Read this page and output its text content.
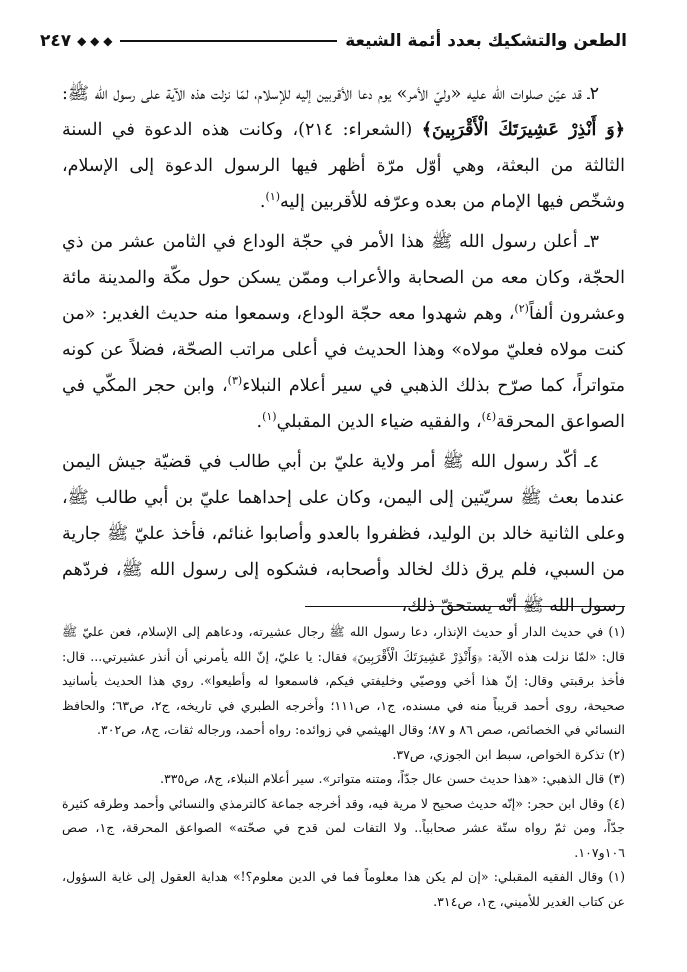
الطعن والتشكيك بعدد أئمة الشيعة
◆ ◆ ◆
٢٤٧

٢ـ قد عيّن صلوات الله عليه «وليّ الأمر» يوم دعا الأقربين إليه للإسلام، لمّا نزلت هذه الآية على رسول الله ﷺ: ﴿وَ أَنْذِرْ عَشِيرَتَكَ الْأَقْرَبِينَ﴾ (الشعراء: ٢١٤)، وكانت هذه الدعوة في السنة الثالثة من البعثة، وهي أوّل مرّة أظهر فيها الرسول الدعوة إلى الإسلام، وشخّص فيها الإمام من بعده وعرّفه للأقربين إليه$^{(١)}$.

٣ـ أعلن رسول الله ﷺ هذا الأمر في حجّة الوداع في الثامن عشر من ذي الحجّة، وكان معه من الصحابة والأعراب وممّن يسكن حول مكّة والمدينة مائة وعشرون ألفاً$^{(٢)}$، وهم شهدوا معه حجّة الوداع، وسمعوا منه حديث الغدير: «من كنت مولاه فعليّ مولاه» وهذا الحديث في أعلى مراتب الصحّة، فضلاً عن كونه متواتراً، كما صرّح بذلك الذهبي في سير أعلام النبلاء$^{(٣)}$، وابن حجر المكّي في الصواعق المحرقة$^{(٤)}$، والفقيه ضياء الدين المقبلي$^{(١)}$.

٤ـ أكّد رسول الله ﷺ أمر ولاية عليّ بن أبي طالب في قضيّة جيش اليمن عندما بعث ﷺ سريّتين إلى اليمن، وكان على إحداهما عليّ بن أبي طالب ﷺ، وعلى الثانية خالد بن الوليد، فظفروا بالعدو وأصابوا غنائم، فأخذ عليّ ﷺ جارية من السبي، فلم يرق ذلك لخالد وأصحابه، فشكوه إلى رسول الله ﷺ، فردّهم رسول الله ﷺ أنّه يستحقّ ذلك،

(١) في حديث الدار أو حديث الإنذار، دعا رسول الله ﷺ رجال عشيرته، ودعاهم إلى الإسلام، فعن عليّ ﷺ قال: «لمّا نزلت هذه الآية: ﴿وَأَنْذِرْ عَشِيرَتَكَ الْأَقْرَبِينَ﴾ فقال: يا عليّ، إنّ الله يأمرني أن أنذر عشيرتي... قال: فأخذ برقبتي وقال: إنّ هذا أخي ووصيّي وخليفتي فيكم، فاسمعوا له وأطيعوا». روي هذا الحديث بأسانيد صحيحة، روى أحمد قريباً منه في مسنده، ج١، ص١١١؛ وأخرجه الطبري في تاريخه، ج٢، ص٦٣؛ والحافظ النسائي في الخصائص، صص ٨٦ و ٨٧؛ وقال الهيثمي في زوائده: رواه أحمد، ورجاله ثقات، ج٨، ص٣٠٢.

(٢) تذكرة الخواص، سبط ابن الجوزي، ص٣٧.

(٣) قال الذهبي: «هذا حديث حسن عال جدّاً، ومتنه متواتر». سير أعلام النبلاء، ج٨، ص٣٣٥.

(٤) وقال ابن حجر: «إنّه حديث صحيح لا مرية فيه، وقد أخرجه جماعة كالترمذي والنسائي وأحمد وطرقه كثيرة جدّاً، ومن ثمّ رواه ستّة عشر صحابياً.. ولا التفات لمن قدح في صحّته» الصواعق المحرقة، ج١، صص ١٠٦و١٠٧.

(١) وقال الفقيه المقبلي: «إن لم يكن هذا معلوماً فما في الدين معلوم؟!» هداية العقول إلى غاية السؤول، عن كتاب الغدير للأميني، ج١، ص٣١٤.
